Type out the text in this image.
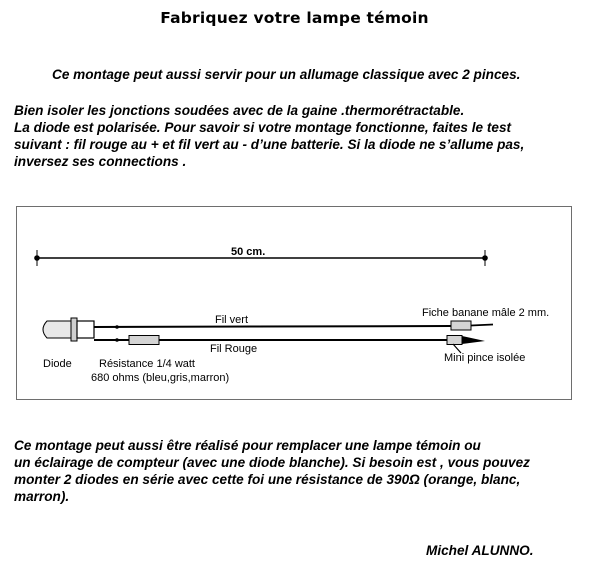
Fabriquez votre lampe témoin

Ce montage peut aussi servir pour un allumage classique avec 2 pinces.

Bien isoler les jonctions soudées avec de la gaine .thermorétractable.
La diode est polarisée. Pour savoir si votre montage fonctionne, faites le test
suivant : fil rouge au + et fil vert au - d’une batterie. Si la diode ne s’allume pas,
inversez ses connections .

50 cm.
Fil vert
Fil Rouge
Fiche banane mâle 2 mm.
Mini pince isolée
Diode Résistance 1/4 watt
680 ohms (bleu,gris,marron)

Ce montage peut aussi être réalisé pour remplacer une lampe témoin ou
un éclairage de compteur (avec une diode blanche). Si besoin est , vous pouvez
monter 2 diodes en série avec cette foi une résistance de 390Ω (orange, blanc,
marron).

Michel ALUNNO.
